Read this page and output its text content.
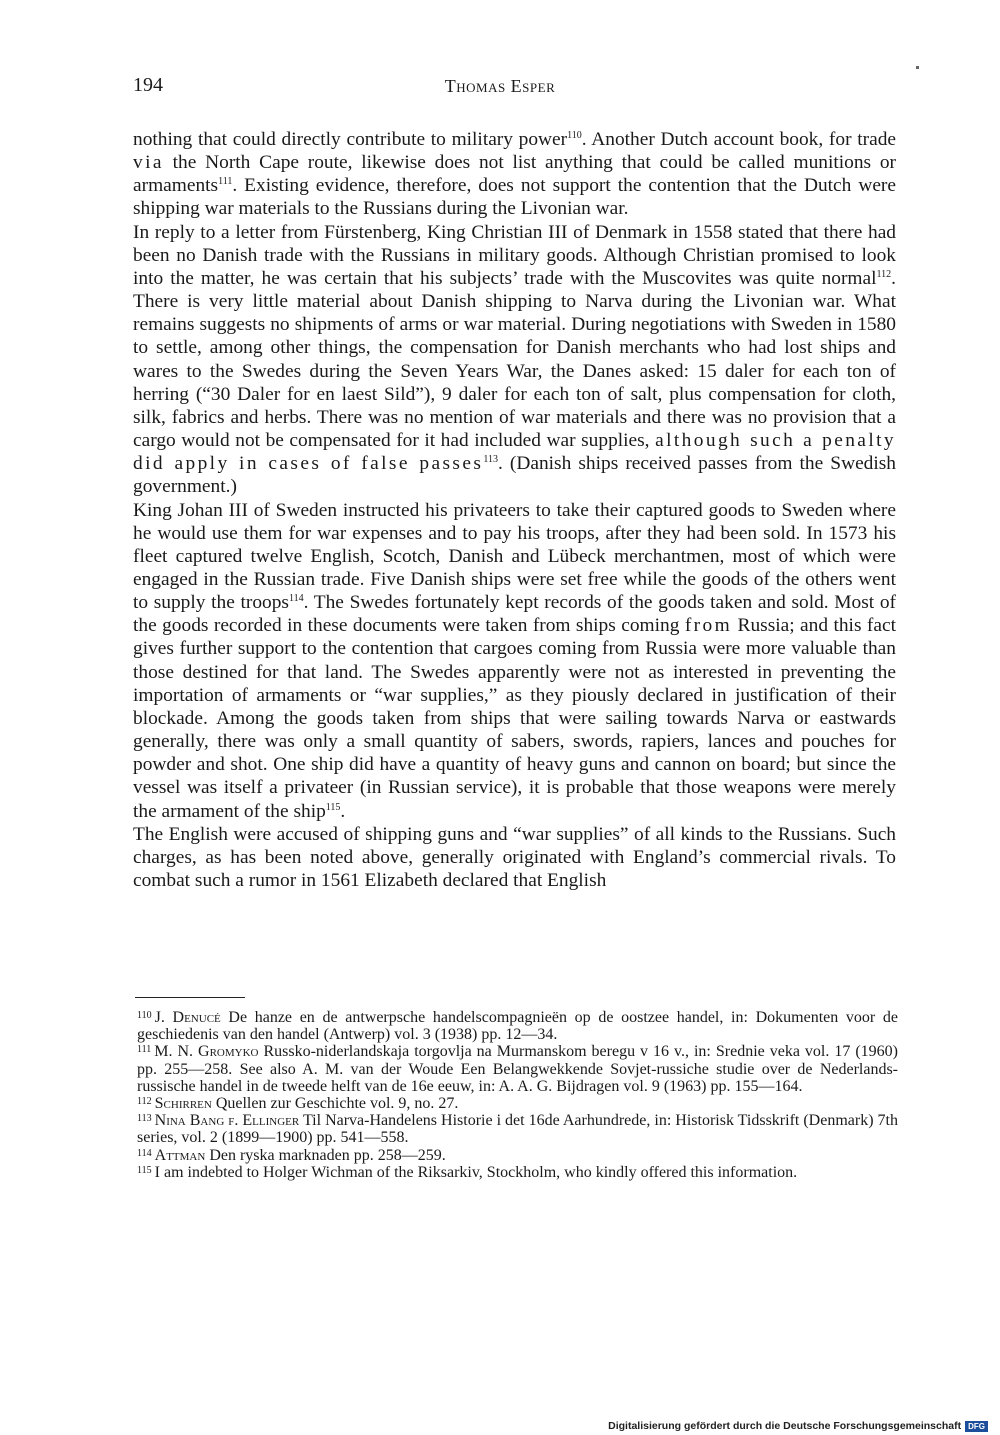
194	Thomas Esper

nothing that could directly contribute to military power$^{110}$. Another Dutch account book, for trade via the North Cape route, likewise does not list anything that could be called munitions or armaments$^{111}$. Existing evidence, therefore, does not support the contention that the Dutch were shipping war materials to the Russians during the Livonian war.

In reply to a letter from Fürstenberg, King Christian III of Denmark in 1558 stated that there had been no Danish trade with the Russians in military goods. Although Christian promised to look into the matter, he was certain that his subjects’ trade with the Muscovites was quite normal$^{112}$. There is very little material about Danish shipping to Narva during the Livonian war. What remains suggests no shipments of arms or war material. During negotiations with Sweden in 1580 to settle, among other things, the compensation for Danish merchants who had lost ships and wares to the Swedes during the Seven Years War, the Danes asked: 15 daler for each ton of herring (“30 Daler for en laest Sild”), 9 daler for each ton of salt, plus compensation for cloth, silk, fabrics and herbs. There was no mention of war materials and there was no provision that a cargo would not be compensated for it had included war supplies, although such a penalty did apply in cases of false passes$^{113}$. (Danish ships received passes from the Swedish government.)

King Johan III of Sweden instructed his privateers to take their captured goods to Sweden where he would use them for war expenses and to pay his troops, after they had been sold. In 1573 his fleet captured twelve English, Scotch, Danish and Lübeck merchantmen, most of which were engaged in the Russian trade. Five Danish ships were set free while the goods of the others went to supply the troops$^{114}$. The Swedes fortunately kept records of the goods taken and sold. Most of the goods recorded in these documents were taken from ships coming from Russia; and this fact gives further support to the contention that cargoes coming from Russia were more valuable than those destined for that land. The Swedes apparently were not as interested in preventing the importation of armaments or “war supplies,” as they piously declared in justification of their blockade. Among the goods taken from ships that were sailing towards Narva or eastwards generally, there was only a small quantity of sabers, swords, rapiers, lances and pouches for powder and shot. One ship did have a quantity of heavy guns and cannon on board; but since the vessel was itself a privateer (in Russian service), it is probable that those weapons were merely the armament of the ship$^{115}$.

The English were accused of shipping guns and “war supplies” of all kinds to the Russians. Such charges, as has been noted above, generally originated with England’s commercial rivals. To combat such a rumor in 1561 Elizabeth declared that English

$^{110}$ J. Denucé De hanze en de antwerpsche handelscompagnieën op de oostzee handel, in: Dokumenten voor de geschiedenis van den handel (Antwerp) vol. 3 (1938) pp. 12—34.

$^{111}$ M. N. Gromyko Russko-niderlandskaja torgovlja na Murmanskom beregu v 16 v., in: Srednie veka vol. 17 (1960) pp. 255—258. See also A. M. van der Woude Een Belangwekkende Sovjet-russiche studie over de Nederlands-russische handel in de tweede helft van de 16e eeuw, in: A. A. G. Bijdragen vol. 9 (1963) pp. 155—164.

$^{112}$ Schirren Quellen zur Geschichte vol. 9, no. 27.

$^{113}$ Nina Bang f. Ellinger Til Narva-Handelens Historie i det 16de Aarhundrede, in: Historisk Tidsskrift (Denmark) 7th series, vol. 2 (1899—1900) pp. 541—558.

$^{114}$ Attman Den ryska marknaden pp. 258—259.

$^{115}$ I am indebted to Holger Wichman of the Riksarkiv, Stockholm, who kindly offered this information.

Digitalisierung gefördert durch die Deutsche Forschungsgemeinschaft DFG
